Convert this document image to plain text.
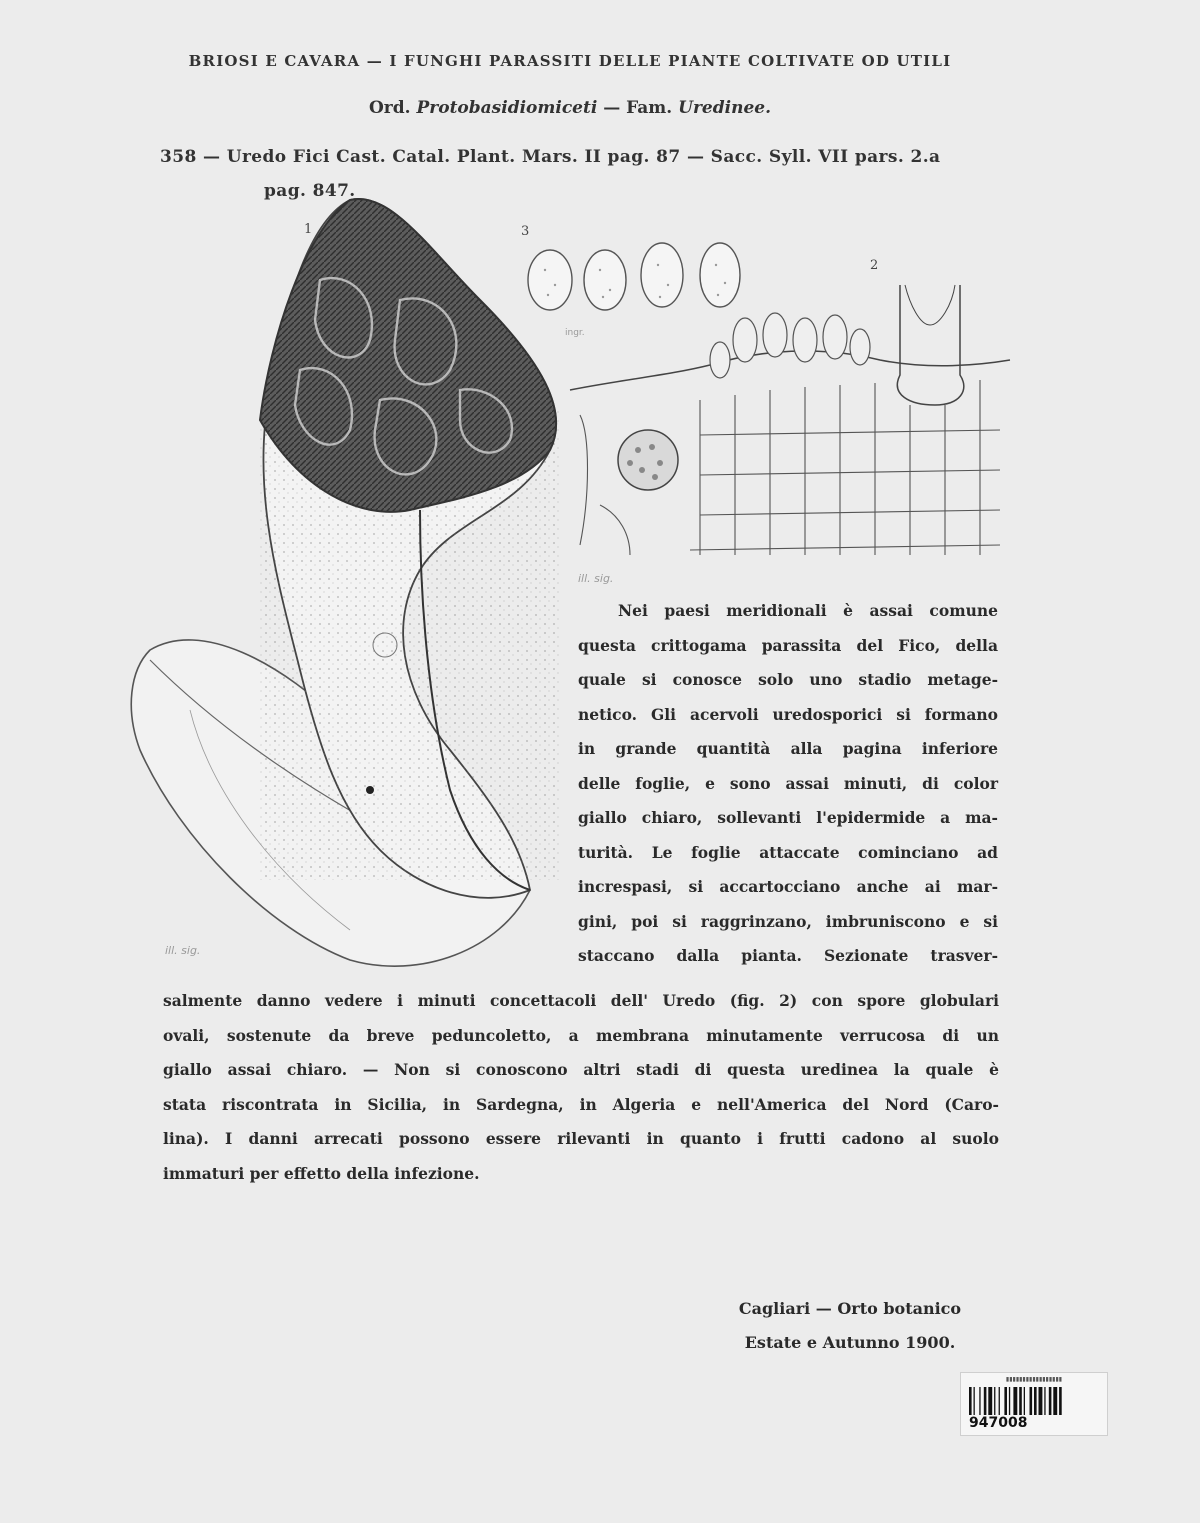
BRIOSI E CAVARA — I FUNGHI PARASSITI DELLE PIANTE COLTIVATE OD UTILI
Ord. Protobasidiomiceti — Fam. Uredinee.
358 — Uredo Fici Cast. Catal. Plant. Mars. II pag. 87 — Sacc. Syll. VII pars. 2.a
pag. 847.
1
ill. sig.
ingr.
3
2
ill. sig.
Nei paesi meridionali è assai comune
questa crittogama parassita del Fico, della
quale si conosce solo uno stadio metage-
netico. Gli acervoli uredosporici si formano
in grande quantità alla pagina inferiore
delle foglie, e sono assai minuti, di color
giallo chiaro, sollevanti l'epidermide a ma-
turità. Le foglie attaccate cominciano ad
increspasi, si accartocciano anche ai mar-
gini, poi si raggrinzano, imbruniscono e si
staccano dalla pianta. Sezionate trasver-
salmente danno vedere i minuti concettacoli dell' Uredo (fig. 2) con spore globulari
ovali, sostenute da breve peduncoletto, a membrana minutamente verrucosa di un
giallo assai chiaro. — Non si conoscono altri stadi di questa uredinea la quale è
stata riscontrata in Sicilia, in Sardegna, in Algeria e nell'America del Nord (Caro-
lina). I danni arrecati possono essere rilevanti in quanto i frutti cadono al suolo
immaturi per effetto della infezione.
Cagliari — Orto botanico
Estate e Autunno 1900.
▮▮▮▮▮▮▮▮▮▮▮▮▮▮▮▮▮
947008
